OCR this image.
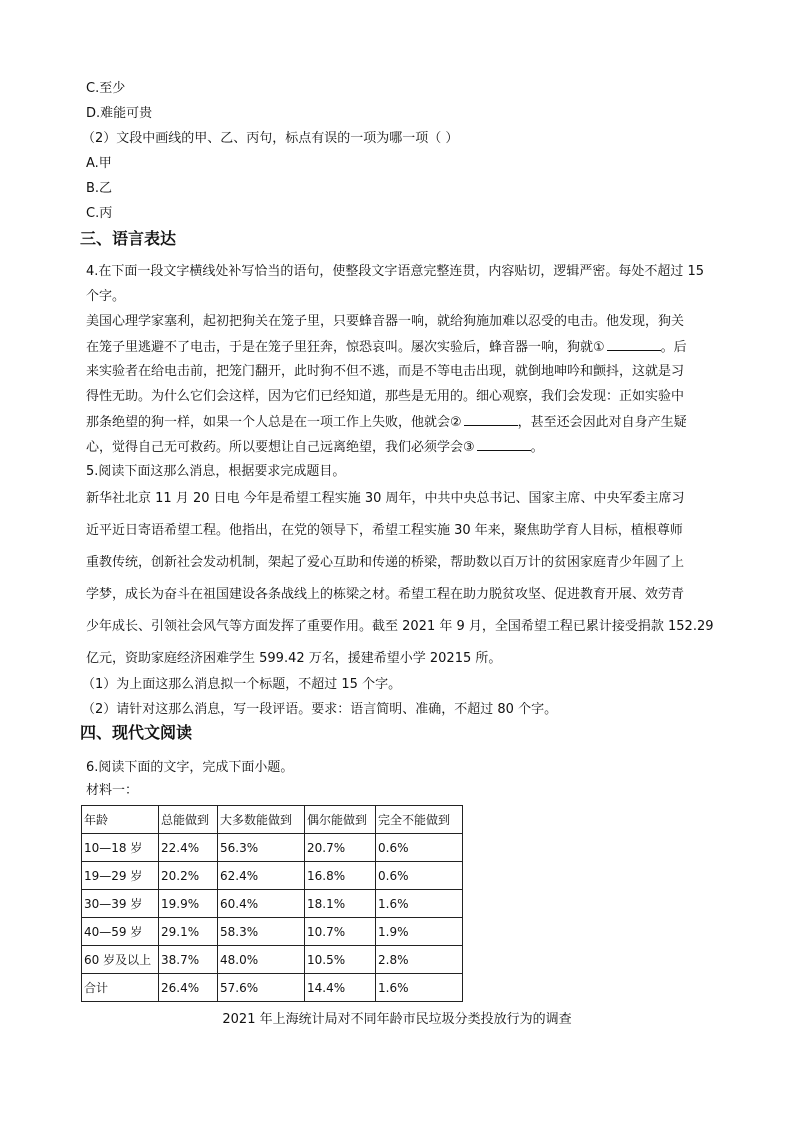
C.至少
D.难能可贵
（2）文段中画线的甲、乙、丙句，标点有误的一项为哪一项（ ）
A.甲
B.乙
C.丙
三、语言表达
4.在下面一段文字横线处补写恰当的语句，使整段文字语意完整连贯，内容贴切，逻辑严密。每处不超过 15
个字。
美国心理学家塞利，起初把狗关在笼子里，只要蜂音器一响，就给狗施加难以忍受的电击。他发现，狗关
在笼子里逃避不了电击，于是在笼子里狂奔，惊恐哀叫。屡次实验后，蜂音器一响，狗就①	。后
来实验者在给电击前，把笼门翻开，此时狗不但不逃，而是不等电击出现，就倒地呻吟和颤抖，这就是习
得性无助。为什么它们会这样，因为它们已经知道，那些是无用的。细心观察，我们会发现：正如实验中
那条绝望的狗一样，如果一个人总是在一项工作上失败，他就会②	，甚至还会因此对自身产生疑
心，觉得自己无可救药。所以要想让自己远离绝望，我们必须学会③	。
5.阅读下面这那么消息，根据要求完成题目。
新华社北京 11 月 20 日电 今年是希望工程实施 30 周年，中共中央总书记、国家主席、中央军委主席习
近平近日寄语希望工程。他指出，在党的领导下，希望工程实施 30 年来，聚焦助学育人目标，植根尊师
重教传统，创新社会发动机制，架起了爱心互助和传递的桥梁，帮助数以百万计的贫困家庭青少年圆了上
学梦，成长为奋斗在祖国建设各条战线上的栋梁之材。希望工程在助力脱贫攻坚、促进教育开展、效劳青
少年成长、引领社会风气等方面发挥了重要作用。截至 2021 年 9 月，全国希望工程已累计接受捐款 152.29
亿元，资助家庭经济困难学生 599.42 万名，援建希望小学 20215 所。
（1）为上面这那么消息拟一个标题，不超过 15 个字。
（2）请针对这那么消息，写一段评语。要求：语言简明、准确，不超过 80 个字。
四、现代文阅读
6.阅读下面的文字，完成下面小题。
材料一：
年龄	总能做到	大多数能做到	偶尔能做到	完全不能做到
10—18 岁	22.4%	56.3%	20.7%	0.6%
19—29 岁	20.2%	62.4%	16.8%	0.6%
30—39 岁	19.9%	60.4%	18.1%	1.6%
40—59 岁	29.1%	58.3%	10.7%	1.9%
60 岁及以上	38.7%	48.0%	10.5%	2.8%
合计	26.4%	57.6%	14.4%	1.6%
2021 年上海统计局对不同年龄市民垃圾分类投放行为的调查
